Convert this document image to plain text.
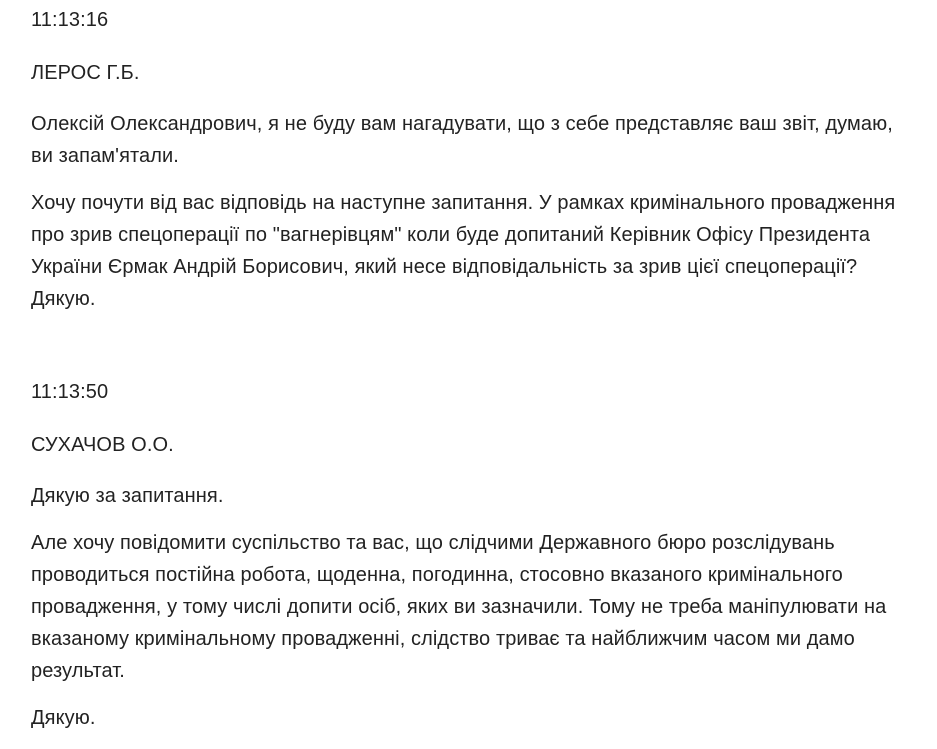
11:13:16

ЛЕРОС Г.Б.

Олексій Олександрович, я не буду вам нагадувати, що з себе представляє ваш звіт, думаю, ви запам'ятали.

Хочу почути від вас відповідь на наступне запитання. У рамках кримінального провадження про зрив спецоперації по "вагнерівцям" коли буде допитаний Керівник Офісу Президента України Єрмак Андрій Борисович, який несе відповідальність за зрив цієї спецоперації? Дякую.

11:13:50

СУХАЧОВ О.О.

Дякую за запитання.

Але хочу повідомити суспільство та вас, що слідчими Державного бюро розслідувань проводиться постійна робота, щоденна, погодинна, стосовно вказаного кримінального провадження, у тому числі допити осіб, яких ви зазначили. Тому не треба маніпулювати на вказаному кримінальному провадженні, слідство триває та найближчим часом ми дамо результат.

Дякую.
